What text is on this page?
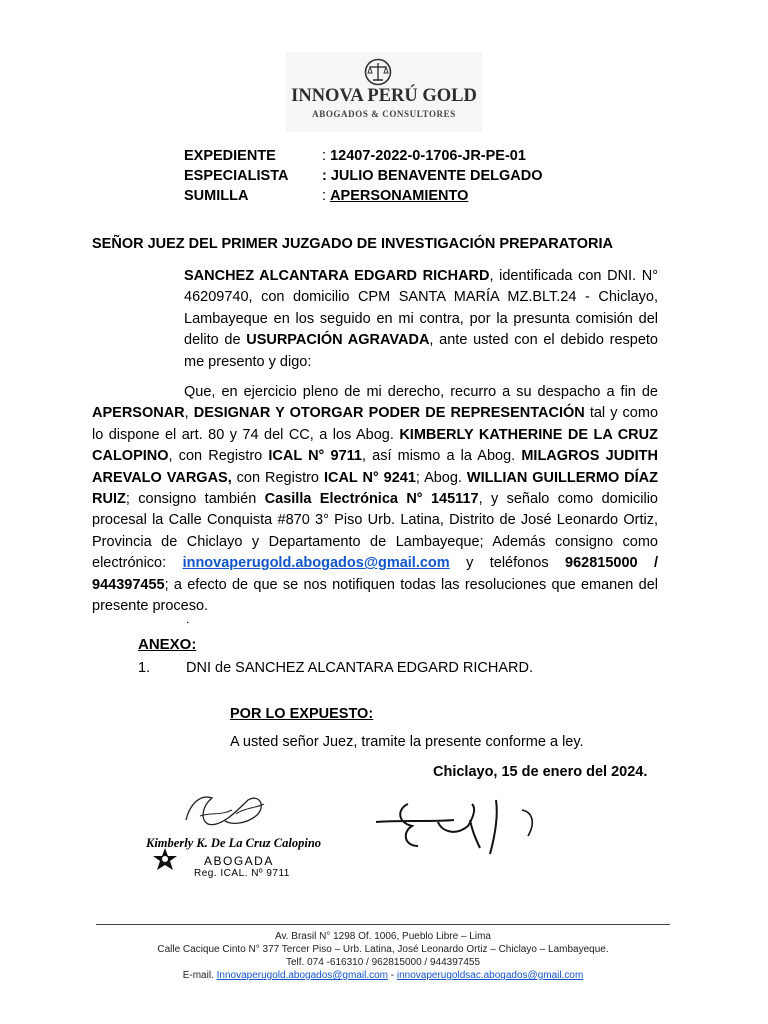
INNOVA PERÚ GOLD
ABOGADOS & CONSULTORES
EXPEDIENTE	: 12407-2022-0-1706-JR-PE-01
ESPECIALISTA	: JULIO BENAVENTE DELGADO
SUMILLA	: APERSONAMIENTO
SEÑOR JUEZ DEL PRIMER JUZGADO DE INVESTIGACIÓN PREPARATORIA
SANCHEZ ALCANTARA EDGARD RICHARD, identificada con DNI. N° 46209740, con domicilio CPM SANTA MARÍA MZ.BLT.24 - Chiclayo, Lambayeque en los seguido en mi contra, por la presunta comisión del delito de USURPACIÓN AGRAVADA, ante usted con el debido respeto me presento y digo:
Que, en ejercicio pleno de mi derecho, recurro a su despacho a fin de APERSONAR, DESIGNAR Y OTORGAR PODER DE REPRESENTACIÓN tal y como lo dispone el art. 80 y 74 del CC, a los Abog. KIMBERLY KATHERINE DE LA CRUZ CALOPINO, con Registro ICAL N° 9711, así mismo a la Abog. MILAGROS JUDITH AREVALO VARGAS, con Registro ICAL N° 9241; Abog. WILLIAN GUILLERMO DÍAZ RUIZ; consigno también Casilla Electrónica N° 145117, y señalo como domicilio procesal la Calle Conquista #870 3° Piso Urb. Latina, Distrito de José Leonardo Ortiz, Provincia de Chiclayo y Departamento de Lambayeque; Además consigno como electrónico: innovaperugold.abogados@gmail.com y teléfonos 962815000 / 944397455; a efecto de que se nos notifiquen todas las resoluciones que emanen del presente proceso.
.
ANEXO:
1. DNI de SANCHEZ ALCANTARA EDGARD RICHARD.
POR LO EXPUESTO:
A usted señor Juez, tramite la presente conforme a ley.
Chiclayo, 15 de enero del 2024.
Kimberly K. De La Cruz Calopino
ABOGADA
Reg. ICAL. Nº 9711
Av. Brasil N° 1298 Of. 1006, Pueblo Libre – Lima
Calle Cacique Cinto N° 377 Tercer Piso – Urb. Latina, José Leonardo Ortiz – Chiclayo – Lambayeque.
Telf. 074 -616310 / 962815000 / 944397455
E-mail. Innovaperugold.abogados@gmail.com - innovaperugoldsac.abogados@gmail.com
